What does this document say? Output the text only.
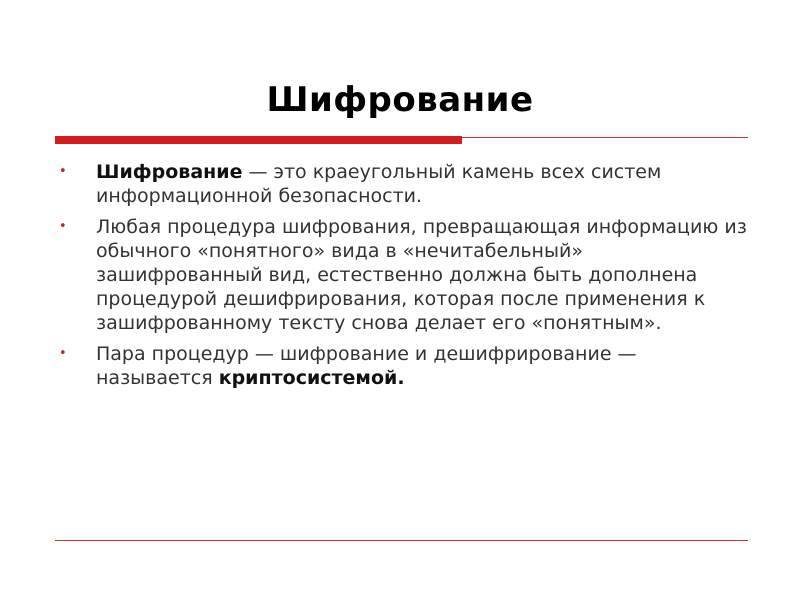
Шифрование
• Шифрование — это краеугольный камень всех систем информационной безопасности.
• Любая процедура шифрования, превращающая информацию из обычного «понятного» вида в «нечитабельный» зашифрованный вид, естественно должна быть дополнена процедурой дешифрирования, которая после применения к зашифрованному тексту снова делает его «понятным».
• Пара процедур — шифрование и дешифрирование — называется криптосистемой.
